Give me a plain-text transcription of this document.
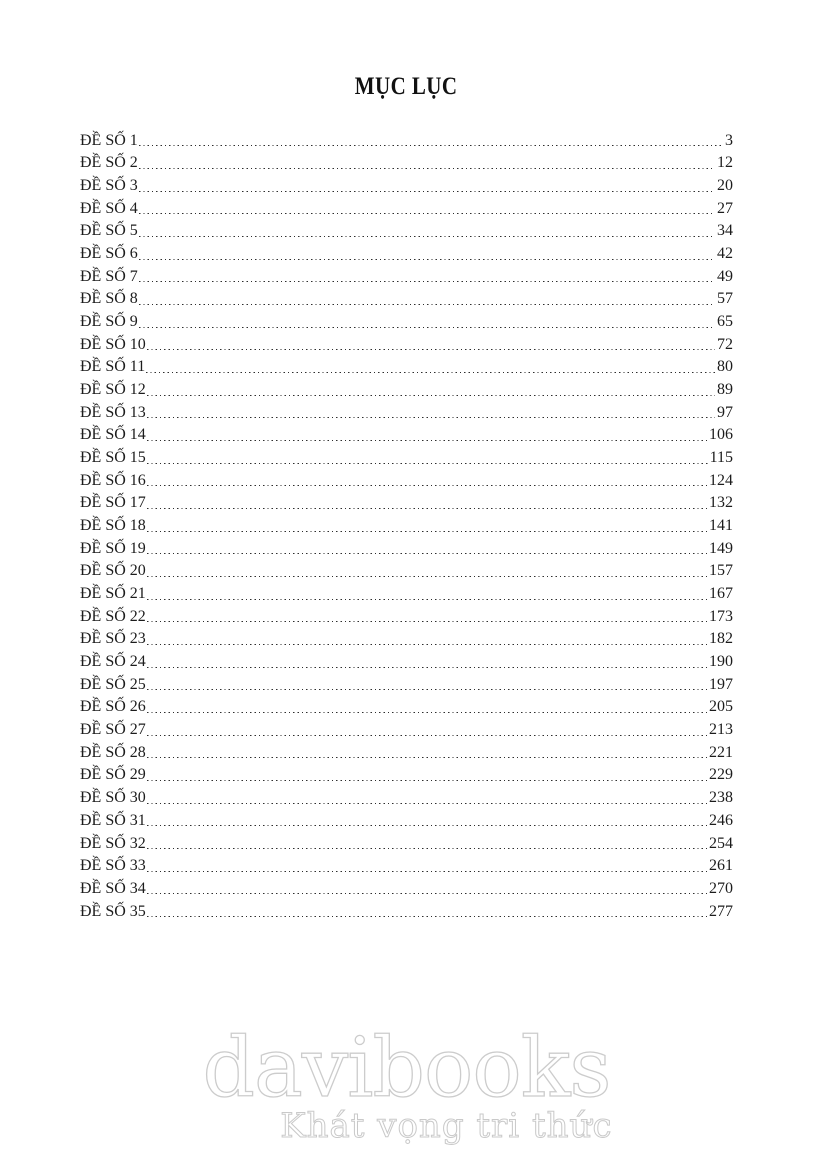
MỤC LỤC
ĐỀ SỐ 1	3
ĐỀ SỐ 2	12
ĐỀ SỐ 3	20
ĐỀ SỐ 4	27
ĐỀ SỐ 5	34
ĐỀ SỐ 6	42
ĐỀ SỐ 7	49
ĐỀ SỐ 8	57
ĐỀ SỐ 9	65
ĐỀ SỐ 10	72
ĐỀ SỐ 11	80
ĐỀ SỐ 12	89
ĐỀ SỐ 13	97
ĐỀ SỐ 14	106
ĐỀ SỐ 15	115
ĐỀ SỐ 16	124
ĐỀ SỐ 17	132
ĐỀ SỐ 18	141
ĐỀ SỐ 19	149
ĐỀ SỐ 20	157
ĐỀ SỐ 21	167
ĐỀ SỐ 22	173
ĐỀ SỐ 23	182
ĐỀ SỐ 24	190
ĐỀ SỐ 25	197
ĐỀ SỐ 26	205
ĐỀ SỐ 27	213
ĐỀ SỐ 28	221
ĐỀ SỐ 29	229
ĐỀ SỐ 30	238
ĐỀ SỐ 31	246
ĐỀ SỐ 32	254
ĐỀ SỐ 33	261
ĐỀ SỐ 34	270
ĐỀ SỐ 35	277
davibooks
Khát vọng tri thức
